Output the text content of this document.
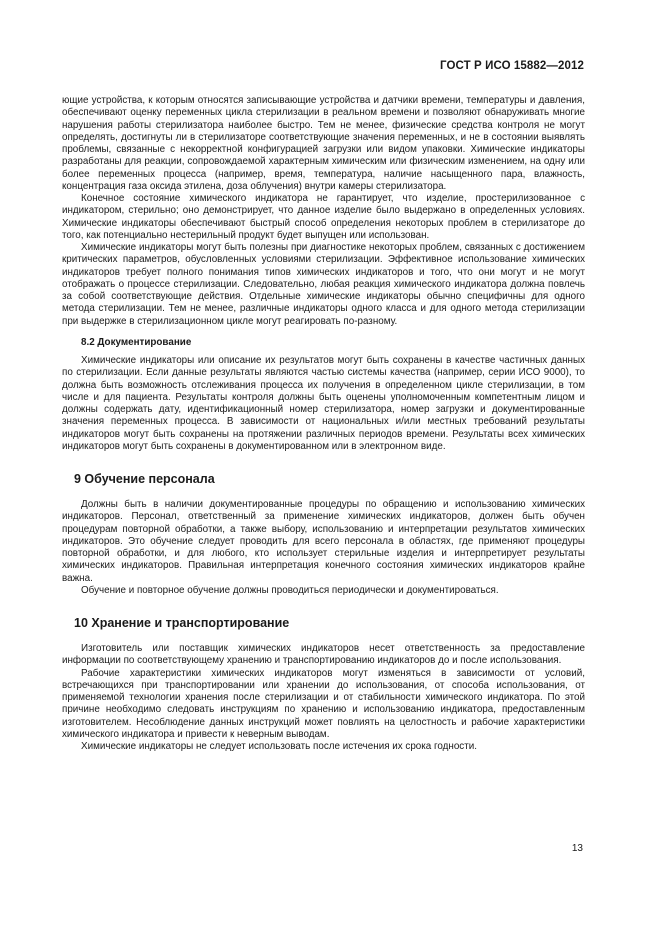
ГОСТ Р ИСО 15882—2012

ющие устройства, к которым относятся записывающие устройства и датчики времени, температуры и давления, обеспечивают оценку переменных цикла стерилизации в реальном времени и позволяют обнаруживать многие нарушения работы стерилизатора наиболее быстро. Тем не менее, физические средства контроля не могут определять, достигнуты ли в стерилизаторе соответствующие значения переменных, и не в состоянии выявлять проблемы, связанные с некорректной конфигурацией загрузки или видом упаковки. Химические индикаторы разработаны для реакции, сопровождаемой характерным химическим или физическим изменением, на одну или более переменных процесса (например, время, температура, наличие насыщенного пара, влажность, концентрация газа оксида этилена, доза облучения) внутри камеры стерилизатора.

Конечное состояние химического индикатора не гарантирует, что изделие, простерилизованное с индикатором, стерильно; оно демонстрирует, что данное изделие было выдержано в определенных условиях. Химические индикаторы обеспечивают быстрый способ определения некоторых проблем в стерилизаторе до того, как потенциально нестерильный продукт будет выпущен или использован.

Химические индикаторы могут быть полезны при диагностике некоторых проблем, связанных с достижением критических параметров, обусловленных условиями стерилизации. Эффективное использование химических индикаторов требует полного понимания типов химических индикаторов и того, что они могут и не могут отображать о процессе стерилизации. Следовательно, любая реакция химического индикатора должна повлечь за собой соответствующие действия. Отдельные химические индикаторы обычно специфичны для одного метода стерилизации. Тем не менее, различные индикаторы одного класса и для одного метода стерилизации при выдержке в стерилизационном цикле могут реагировать по-разному.

8.2 Документирование

Химические индикаторы или описание их результатов могут быть сохранены в качестве частичных данных по стерилизации. Если данные результаты являются частью системы качества (например, серии ИСО 9000), то должна быть возможность отслеживания процесса их получения в определенном цикле стерилизации, в том числе и для пациента. Результаты контроля должны быть оценены уполномоченным компетентным лицом и должны содержать дату, идентификационный номер стерилизатора, номер загрузки и документированные значения переменных процесса. В зависимости от национальных и/или местных требований результаты индикаторов могут быть сохранены на протяжении различных периодов времени. Результаты всех химических индикаторов могут быть сохранены в документированном или в электронном виде.

9 Обучение персонала

Должны быть в наличии документированные процедуры по обращению и использованию химических индикаторов. Персонал, ответственный за применение химических индикаторов, должен быть обучен процедурам повторной обработки, а также выбору, использованию и интерпретации результатов химических индикаторов. Это обучение следует проводить для всего персонала в областях, где применяют процедуры повторной обработки, и для любого, кто использует стерильные изделия и интерпретирует результаты химических индикаторов. Правильная интерпретация конечного состояния химических индикаторов крайне важна.

Обучение и повторное обучение должны проводиться периодически и документироваться.

10 Хранение и транспортирование

Изготовитель или поставщик химических индикаторов несет ответственность за предоставление информации по соответствующему хранению и транспортированию индикаторов до и после использования.

Рабочие характеристики химических индикаторов могут изменяться в зависимости от условий, встречающихся при транспортировании или хранении до использования, от способа использования, от применяемой технологии хранения после стерилизации и от стабильности химического индикатора. По этой причине необходимо следовать инструкциям по хранению и использованию индикатора, предоставленным изготовителем. Несоблюдение данных инструкций может повлиять на целостность и рабочие характеристики химического индикатора и привести к неверным выводам.

Химические индикаторы не следует использовать после истечения их срока годности.

13
